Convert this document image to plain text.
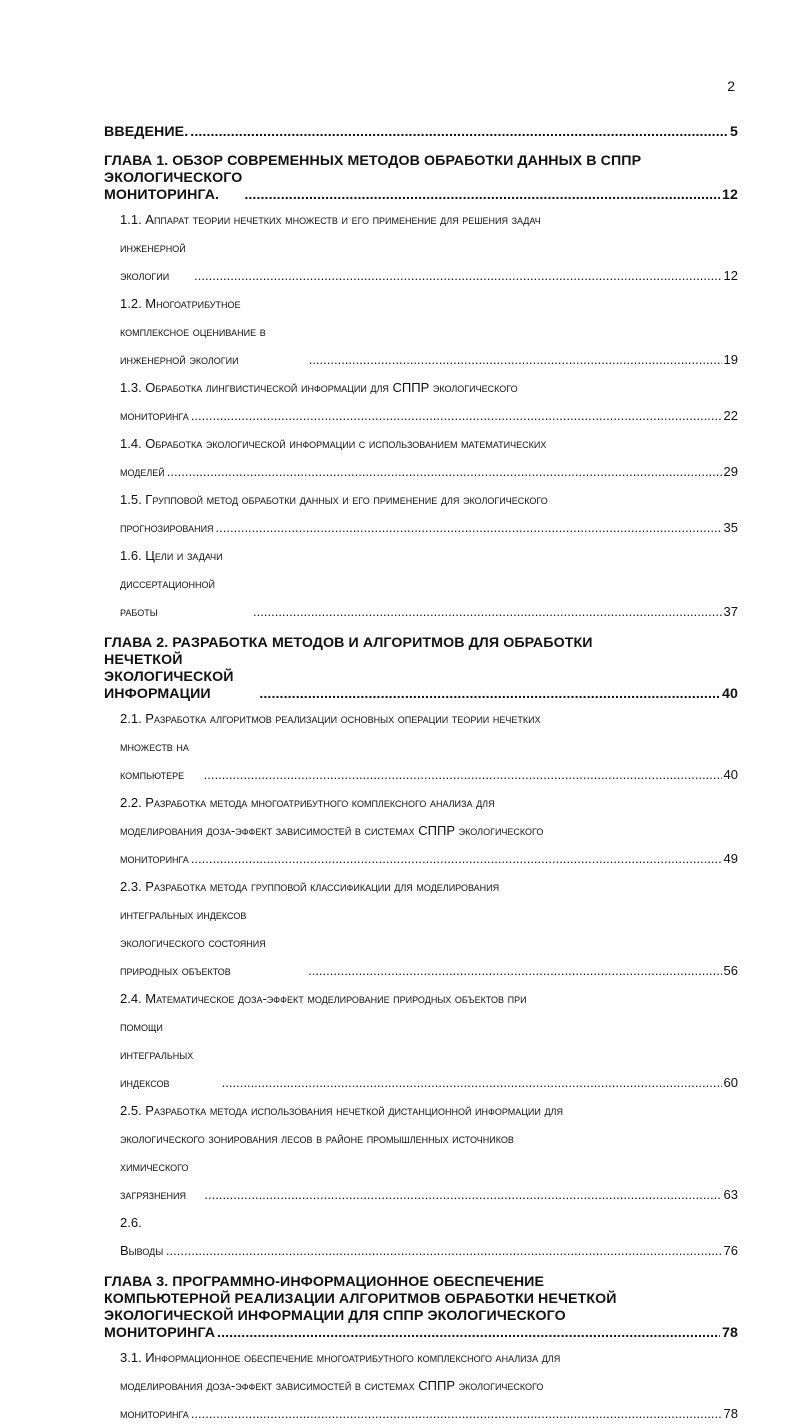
2
ВВЕДЕНИЕ. .....	5
ГЛАВА 1. ОБЗОР СОВРЕМЕННЫХ МЕТОДОВ ОБРАБОТКИ ДАННЫХ В СППР
ЭКОЛОГИЧЕСКОГО МОНИТОРИНГА. .....	12
1.1. Аппарат теории нечетких множеств и его применение для решения задач
инженерной экологии .....	12
1.2. Многоатрибутное комплексное оценивание в инженерной экологии .....	19
1.3. Обработка лингвистической информации для СППР экологического
мониторинга .....	22
1.4. Обработка экологической информации с использованием математических
моделей .....	29
1.5. Групповой метод обработки данных и его применение для экологического
прогнозирования .....	35
1.6. Цели и задачи диссертационной работы .....	37
ГЛАВА 2. РАЗРАБОТКА МЕТОДОВ И АЛГОРИТМОВ ДЛЯ ОБРАБОТКИ
НЕЧЕТКОЙ ЭКОЛОГИЧЕСКОЙ ИНФОРМАЦИИ .....	40
2.1. Разработка алгоритмов реализации основных операции теории нечетких
множеств на компьютере .....	40
2.2. Разработка метода многоатрибутного комплексного анализа для
моделирования доза-эффект зависимостей в системах СППР экологического
мониторинга .....	49
2.3. Разработка метода групповой классификации для моделирования
интегральных индексов экологического состояния природных объектов .....	56
2.4. Математическое доза-эффект моделирование природных объектов при
помощи интегральных индексов .....	60
2.5. Разработка метода использования нечеткой дистанционной информации для
экологического зонирования лесов в районе промышленных источников
химического загрязнения .....	63
2.6. Выводы .....	76
ГЛАВА 3. ПРОГРАММНО-ИНФОРМАЦИОННОЕ ОБЕСПЕЧЕНИЕ
КОМПЬЮТЕРНОЙ РЕАЛИЗАЦИИ АЛГОРИТМОВ ОБРАБОТКИ НЕЧЕТКОЙ
ЭКОЛОГИЧЕСКОЙ ИНФОРМАЦИИ ДЛЯ СППР ЭКОЛОГИЧЕСКОГО
МОНИТОРИНГА .....	78
3.1. Информационное обеспечение многоатрибутного комплексного анализа для
моделирования доза-эффект зависимостей в системах СППР экологического
мониторинга .....	78
